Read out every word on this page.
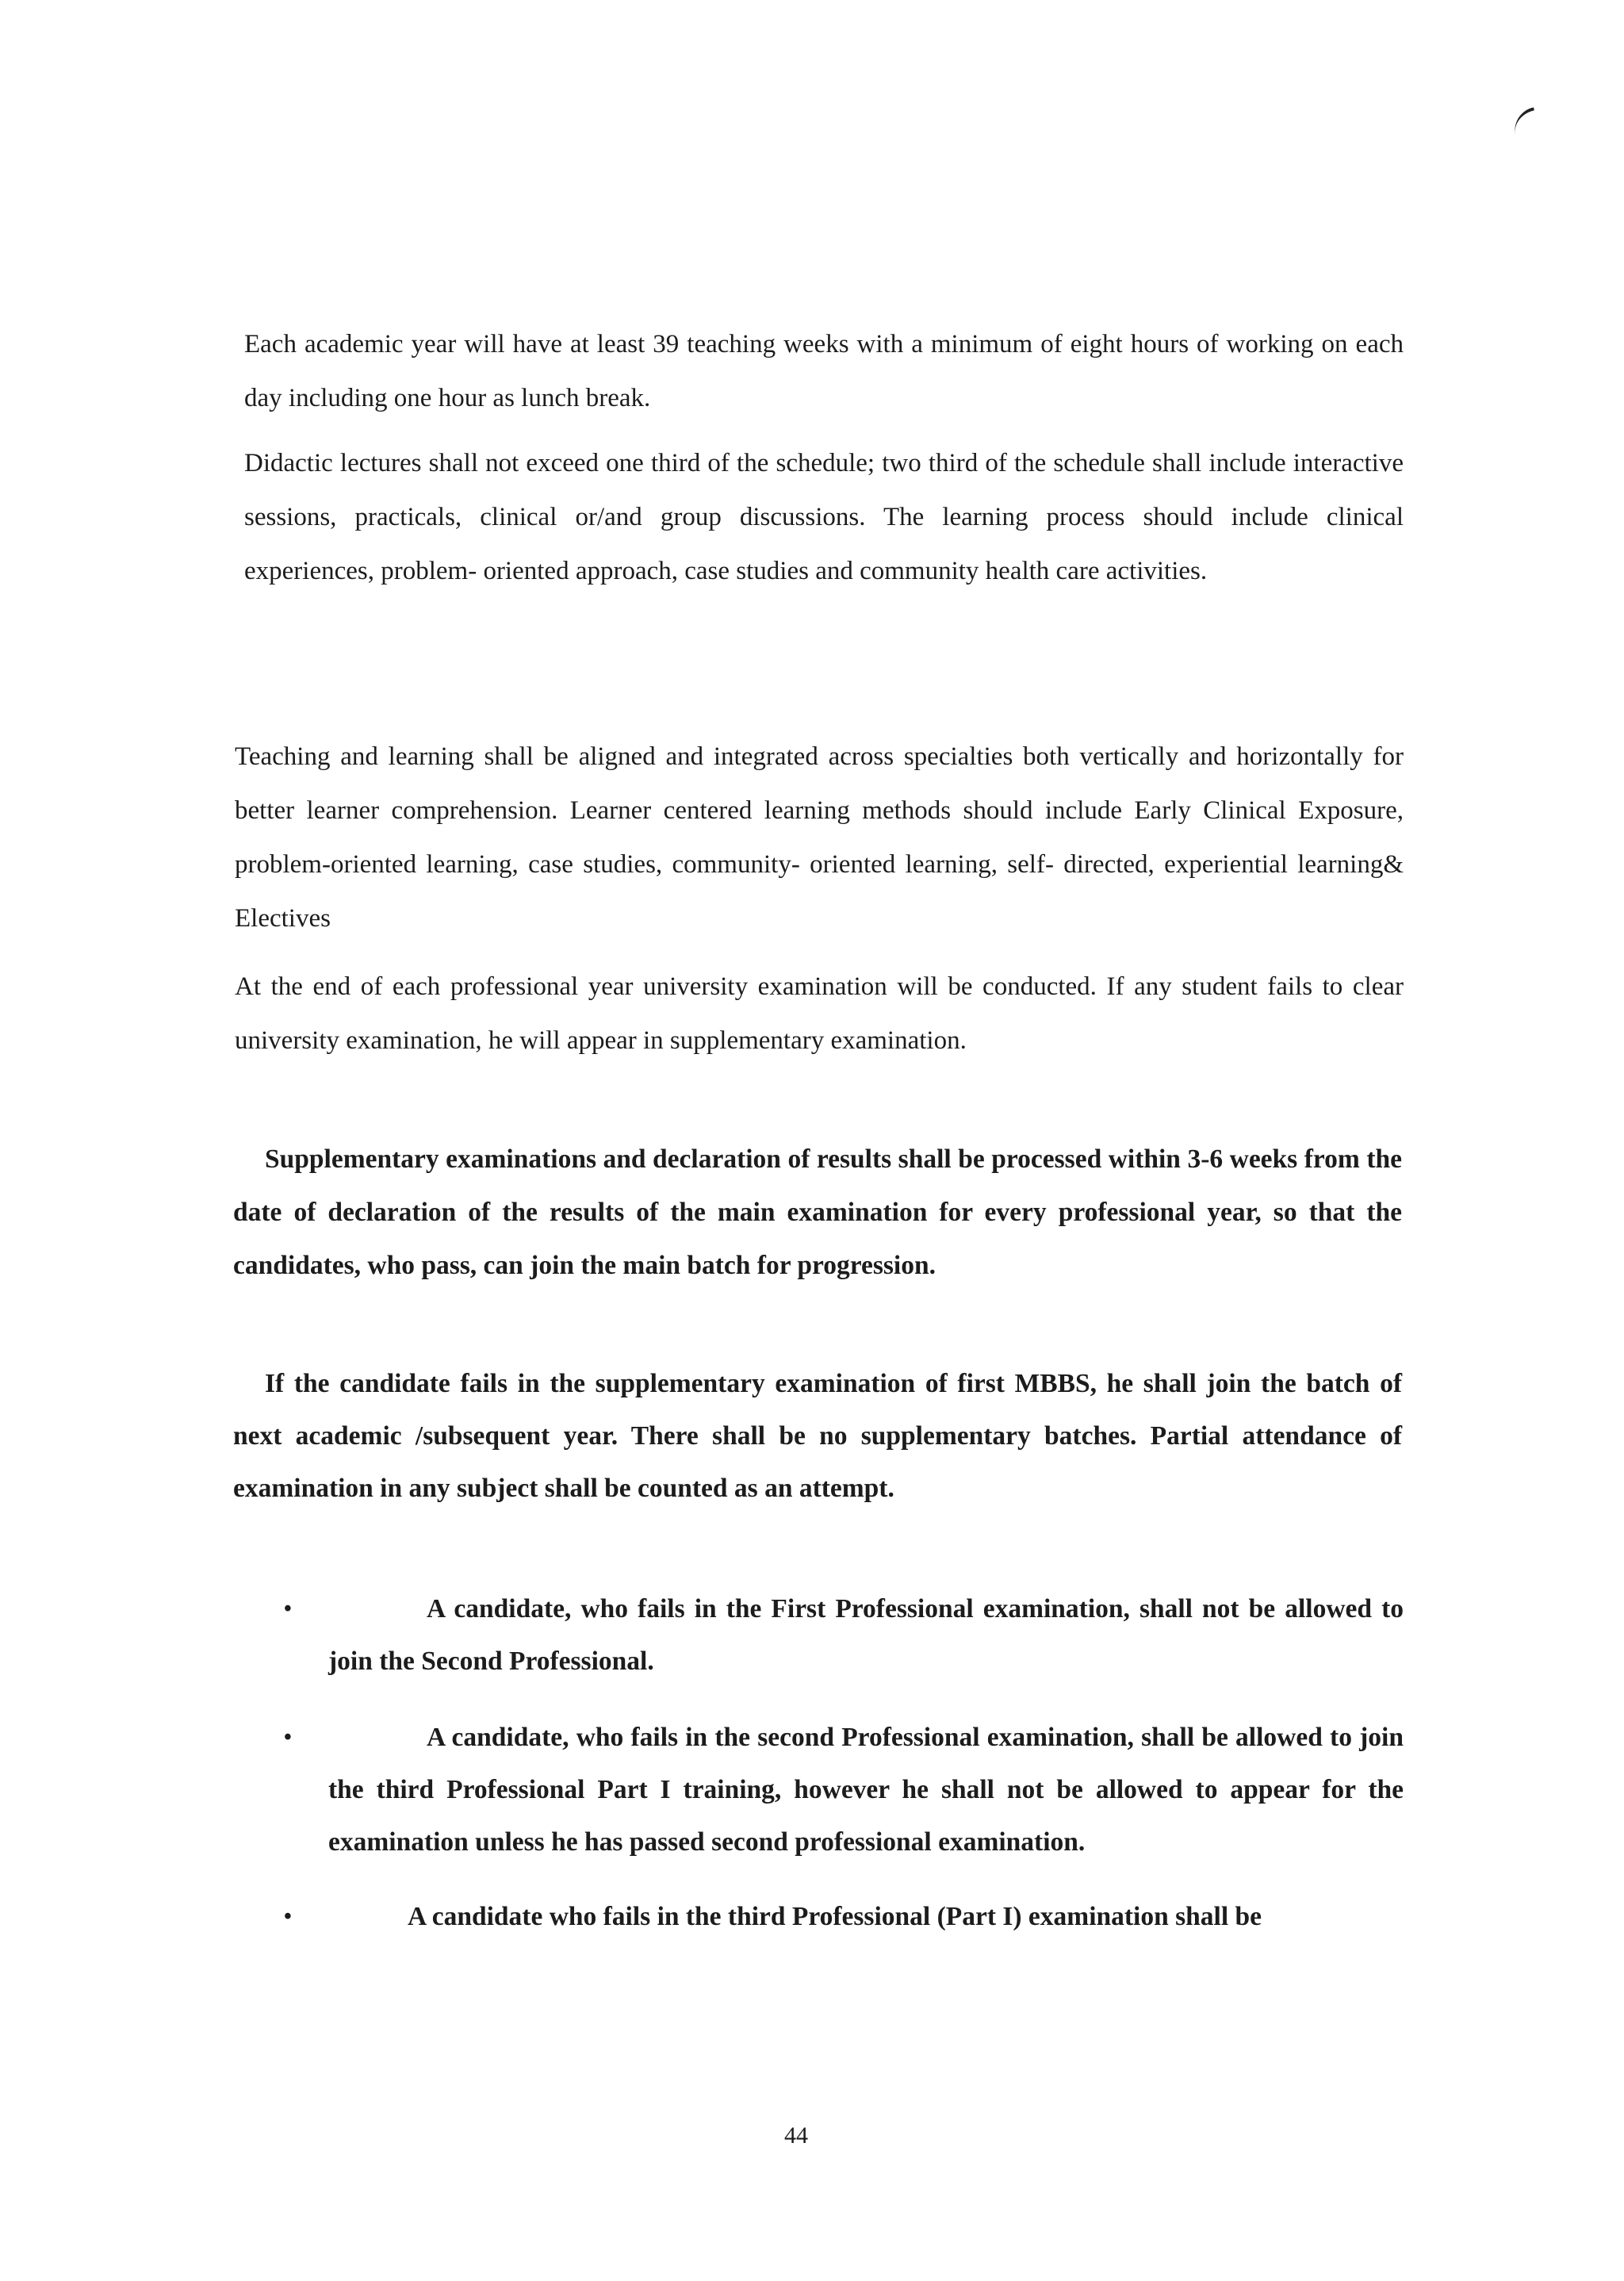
Each academic year will have at least 39 teaching weeks with a minimum of eight hours of working on each day including one hour as lunch break.

Didactic lectures shall not exceed one third of the schedule; two third of the schedule shall include interactive sessions, practicals, clinical or/and group discussions. The learning process should include clinical experiences, problem- oriented approach, case studies and community health care activities.

Teaching and learning shall be aligned and integrated across specialties both vertically and horizontally for better learner comprehension. Learner centered learning methods should include Early Clinical Exposure, problem-oriented learning, case studies, community- oriented learning, self- directed, experiential learning& Electives

At the end of each professional year university examination will be conducted. If any student fails to clear university examination, he will appear in supplementary examination.

Supplementary examinations and declaration of results shall be processed within 3-6 weeks from the date of declaration of the results of the main examination for every professional year, so that the candidates, who pass, can join the main batch for progression.

If the candidate fails in the supplementary examination of first MBBS, he shall join the batch of next academic /subsequent year. There shall be no supplementary batches. Partial attendance of examination in any subject shall be counted as an attempt.

•	A candidate, who fails in the First Professional examination, shall not be allowed to join the Second Professional.
•	A candidate, who fails in the second Professional examination, shall be allowed to join the third Professional Part I training, however he shall not be allowed to appear for the examination unless he has passed second professional examination.
•	A candidate who fails in the third Professional (Part I) examination shall be

44
